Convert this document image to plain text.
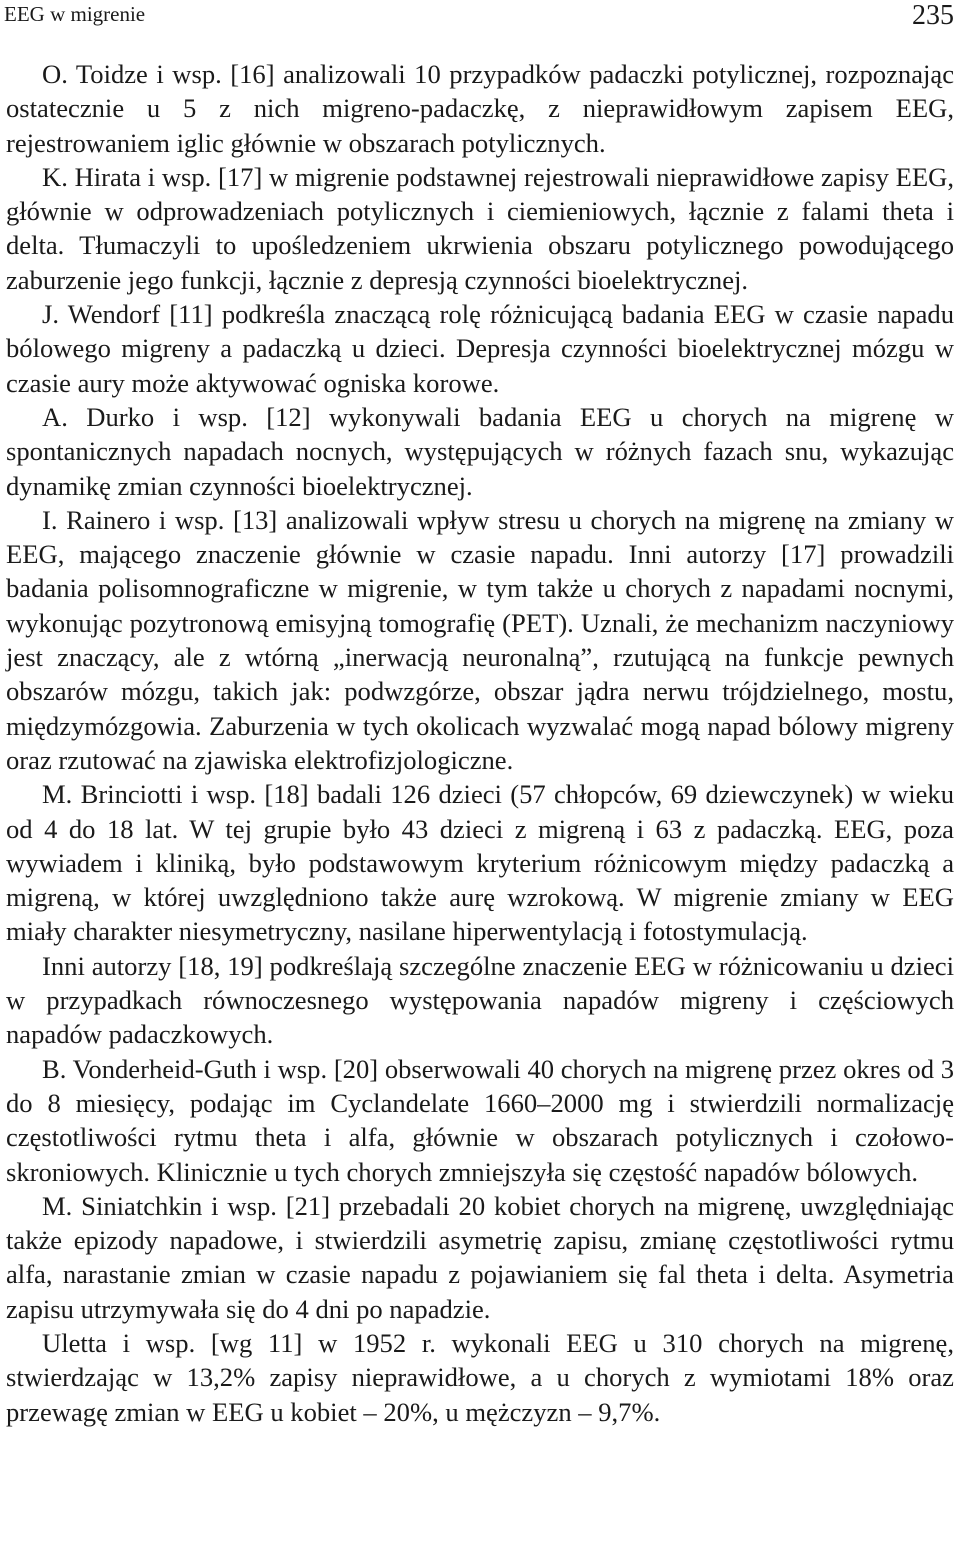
EEG w migrenie	235

O. Toidze i wsp. [16] analizowali 10 przypadków padaczki potylicznej, rozpoznając ostatecznie u 5 z nich migreno-padaczkę, z nieprawidłowym zapisem EEG, rejestrowaniem iglic głównie w obszarach potylicznych.

K. Hirata i wsp. [17] w migrenie podstawnej rejestrowali nieprawidłowe zapisy EEG, głównie w odprowadzeniach potylicznych i ciemieniowych, łącznie z falami theta i delta. Tłumaczyli to upośledzeniem ukrwienia obszaru potylicznego powodującego zaburzenie jego funkcji, łącznie z depresją czynności bioelektrycznej.

J. Wendorf [11] podkreśla znaczącą rolę różnicującą badania EEG w czasie napadu bólowego migreny a padaczką u dzieci. Depresja czynności bioelektrycznej mózgu w czasie aury może aktywować ogniska korowe.

A. Durko i wsp. [12] wykonywali badania EEG u chorych na migrenę w spontanicznych napadach nocnych, występujących w różnych fazach snu, wykazując dynamikę zmian czynności bioelektrycznej.

I. Rainero i wsp. [13] analizowali wpływ stresu u chorych na migrenę na zmiany w EEG, mającego znaczenie głównie w czasie napadu. Inni autorzy [17] prowadzili badania polisomnograficzne w migrenie, w tym także u chorych z napadami nocnymi, wykonując pozytronową emisyjną tomografię (PET). Uznali, że mechanizm naczyniowy jest znaczący, ale z wtórną „inerwacją neuronalną”, rzutującą na funkcje pewnych obszarów mózgu, takich jak: podwzgórze, obszar jądra nerwu trójdzielnego, mostu, międzymózgowia. Zaburzenia w tych okolicach wyzwalać mogą napad bólowy migreny oraz rzutować na zjawiska elektrofizjologiczne.

M. Brinciotti i wsp. [18] badali 126 dzieci (57 chłopców, 69 dziewczynek) w wieku od 4 do 18 lat. W tej grupie było 43 dzieci z migreną i 63 z padaczką. EEG, poza wywiadem i kliniką, było podstawowym kryterium różnicowym między padaczką a migreną, w której uwzględniono także aurę wzrokową. W migrenie zmiany w EEG miały charakter niesymetryczny, nasilane hiperwentylacją i fotostymulacją.

Inni autorzy [18, 19] podkreślają szczególne znaczenie EEG w różnicowaniu u dzieci w przypadkach równoczesnego występowania napadów migreny i częściowych napadów padaczkowych.

B. Vonderheid-Guth i wsp. [20] obserwowali 40 chorych na migrenę przez okres od 3 do 8 miesięcy, podając im Cyclandelate 1660–2000 mg i stwierdzili normalizację częstotliwości rytmu theta i alfa, głównie w obszarach potylicznych i czołowo-skroniowych. Klinicznie u tych chorych zmniejszyła się częstość napadów bólowych.

M. Siniatchkin i wsp. [21] przebadali 20 kobiet chorych na migrenę, uwzględniając także epizody napadowe, i stwierdzili asymetrię zapisu, zmianę częstotliwości rytmu alfa, narastanie zmian w czasie napadu z pojawianiem się fal theta i delta. Asymetria zapisu utrzymywała się do 4 dni po napadzie.

Uletta i wsp. [wg 11] w 1952 r. wykonali EEG u 310 chorych na migrenę, stwierdzając w 13,2% zapisy nieprawidłowe, a u chorych z wymiotami 18% oraz przewagę zmian w EEG u kobiet – 20%, u mężczyzn – 9,7%.
